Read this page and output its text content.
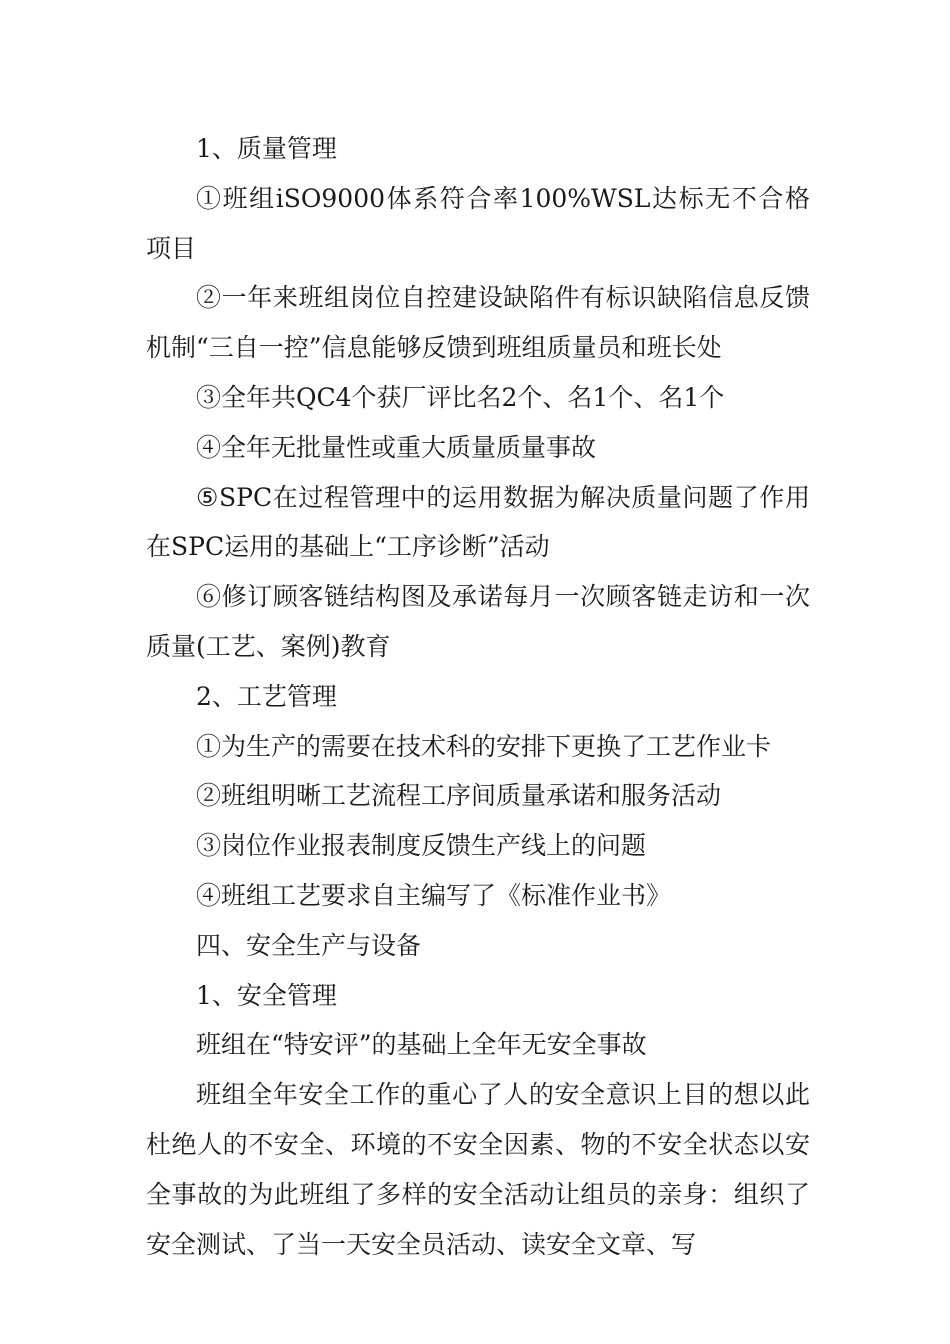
1、质量管理

①班组iSO9000体系符合率100%WSL达标无不合格项目

②一年来班组岗位自控建设缺陷件有标识缺陷信息反馈机制“三自一控”信息能够反馈到班组质量员和班长处

③全年共QC4个获厂评比名2个、名1个、名1个

④全年无批量性或重大质量质量事故

⑤SPC在过程管理中的运用数据为解决质量问题了作用在SPC运用的基础上“工序诊断”活动

⑥修订顾客链结构图及承诺每月一次顾客链走访和一次质量(工艺、案例)教育

2、工艺管理

①为生产的需要在技术科的安排下更换了工艺作业卡

②班组明晰工艺流程工序间质量承诺和服务活动

③岗位作业报表制度反馈生产线上的问题

④班组工艺要求自主编写了《标准作业书》

四、安全生产与设备

1、安全管理

班组在“特安评”的基础上全年无安全事故

班组全年安全工作的重心了人的安全意识上目的想以此杜绝人的不安全、环境的不安全因素、物的不安全状态以安全事故的为此班组了多样的安全活动让组员的亲身：组织了安全测试、了当一天安全员活动、读安全文章、写
